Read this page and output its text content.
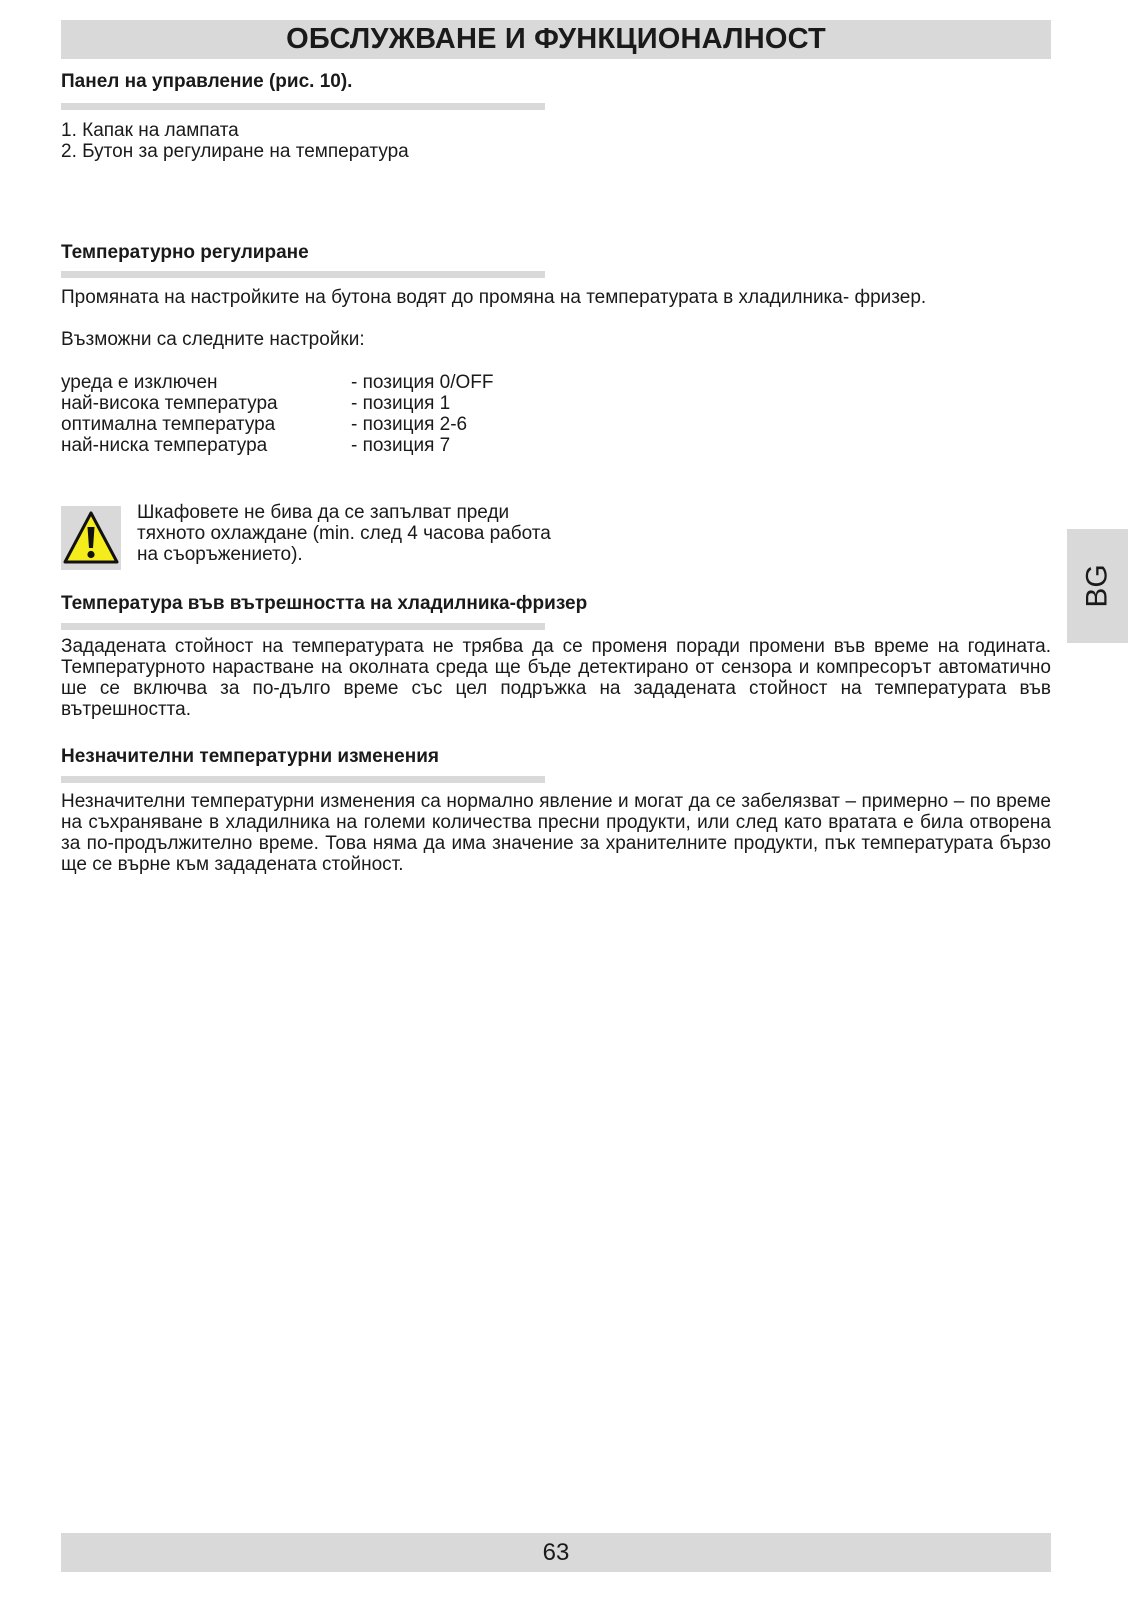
ОБСЛУЖВАНЕ И ФУНКЦИОНАЛНОСТ

Панел на управление (рис. 10).

1. Капак на лампата
2. Бутон за регулиране на температура

Температурно регулиране

Промяната на настройките на бутона водят до промяна на температурата в хладилника- фризер.

Възможни са следните настройки:

уреда е изключен	- позиция 0/OFF
най-висока температура	- позиция 1
оптимална температура	- позиция 2-6
най-ниска температура	- позиция 7
Шкафовете не бива да се запълват преди
тяхното охлаждане (min. след 4 часова работа
на съоръжението).

Температура във вътрешността на хладилника-фризер

Зададената стойност на температурата не трябва да се променя поради промени във време на годината. Температурното нарастване на околната среда ще бъде детектирано от сензора и компресорът автоматично ше се включва за по-дълго време със цел подръжка на зададената стойност на температурата във вътрешността.

Незначителни температурни изменения

Незначителни температурни изменения са нормално явление и могат да се забелязват – примерно – по време на съхраняване в хладилника на големи количества пресни продукти, или след като вратата е била отворена за по-продължително време. Това няма да има значение за хранителните продукти, пък температурата бързо ще се върне към зададената стойност.

BG
63
